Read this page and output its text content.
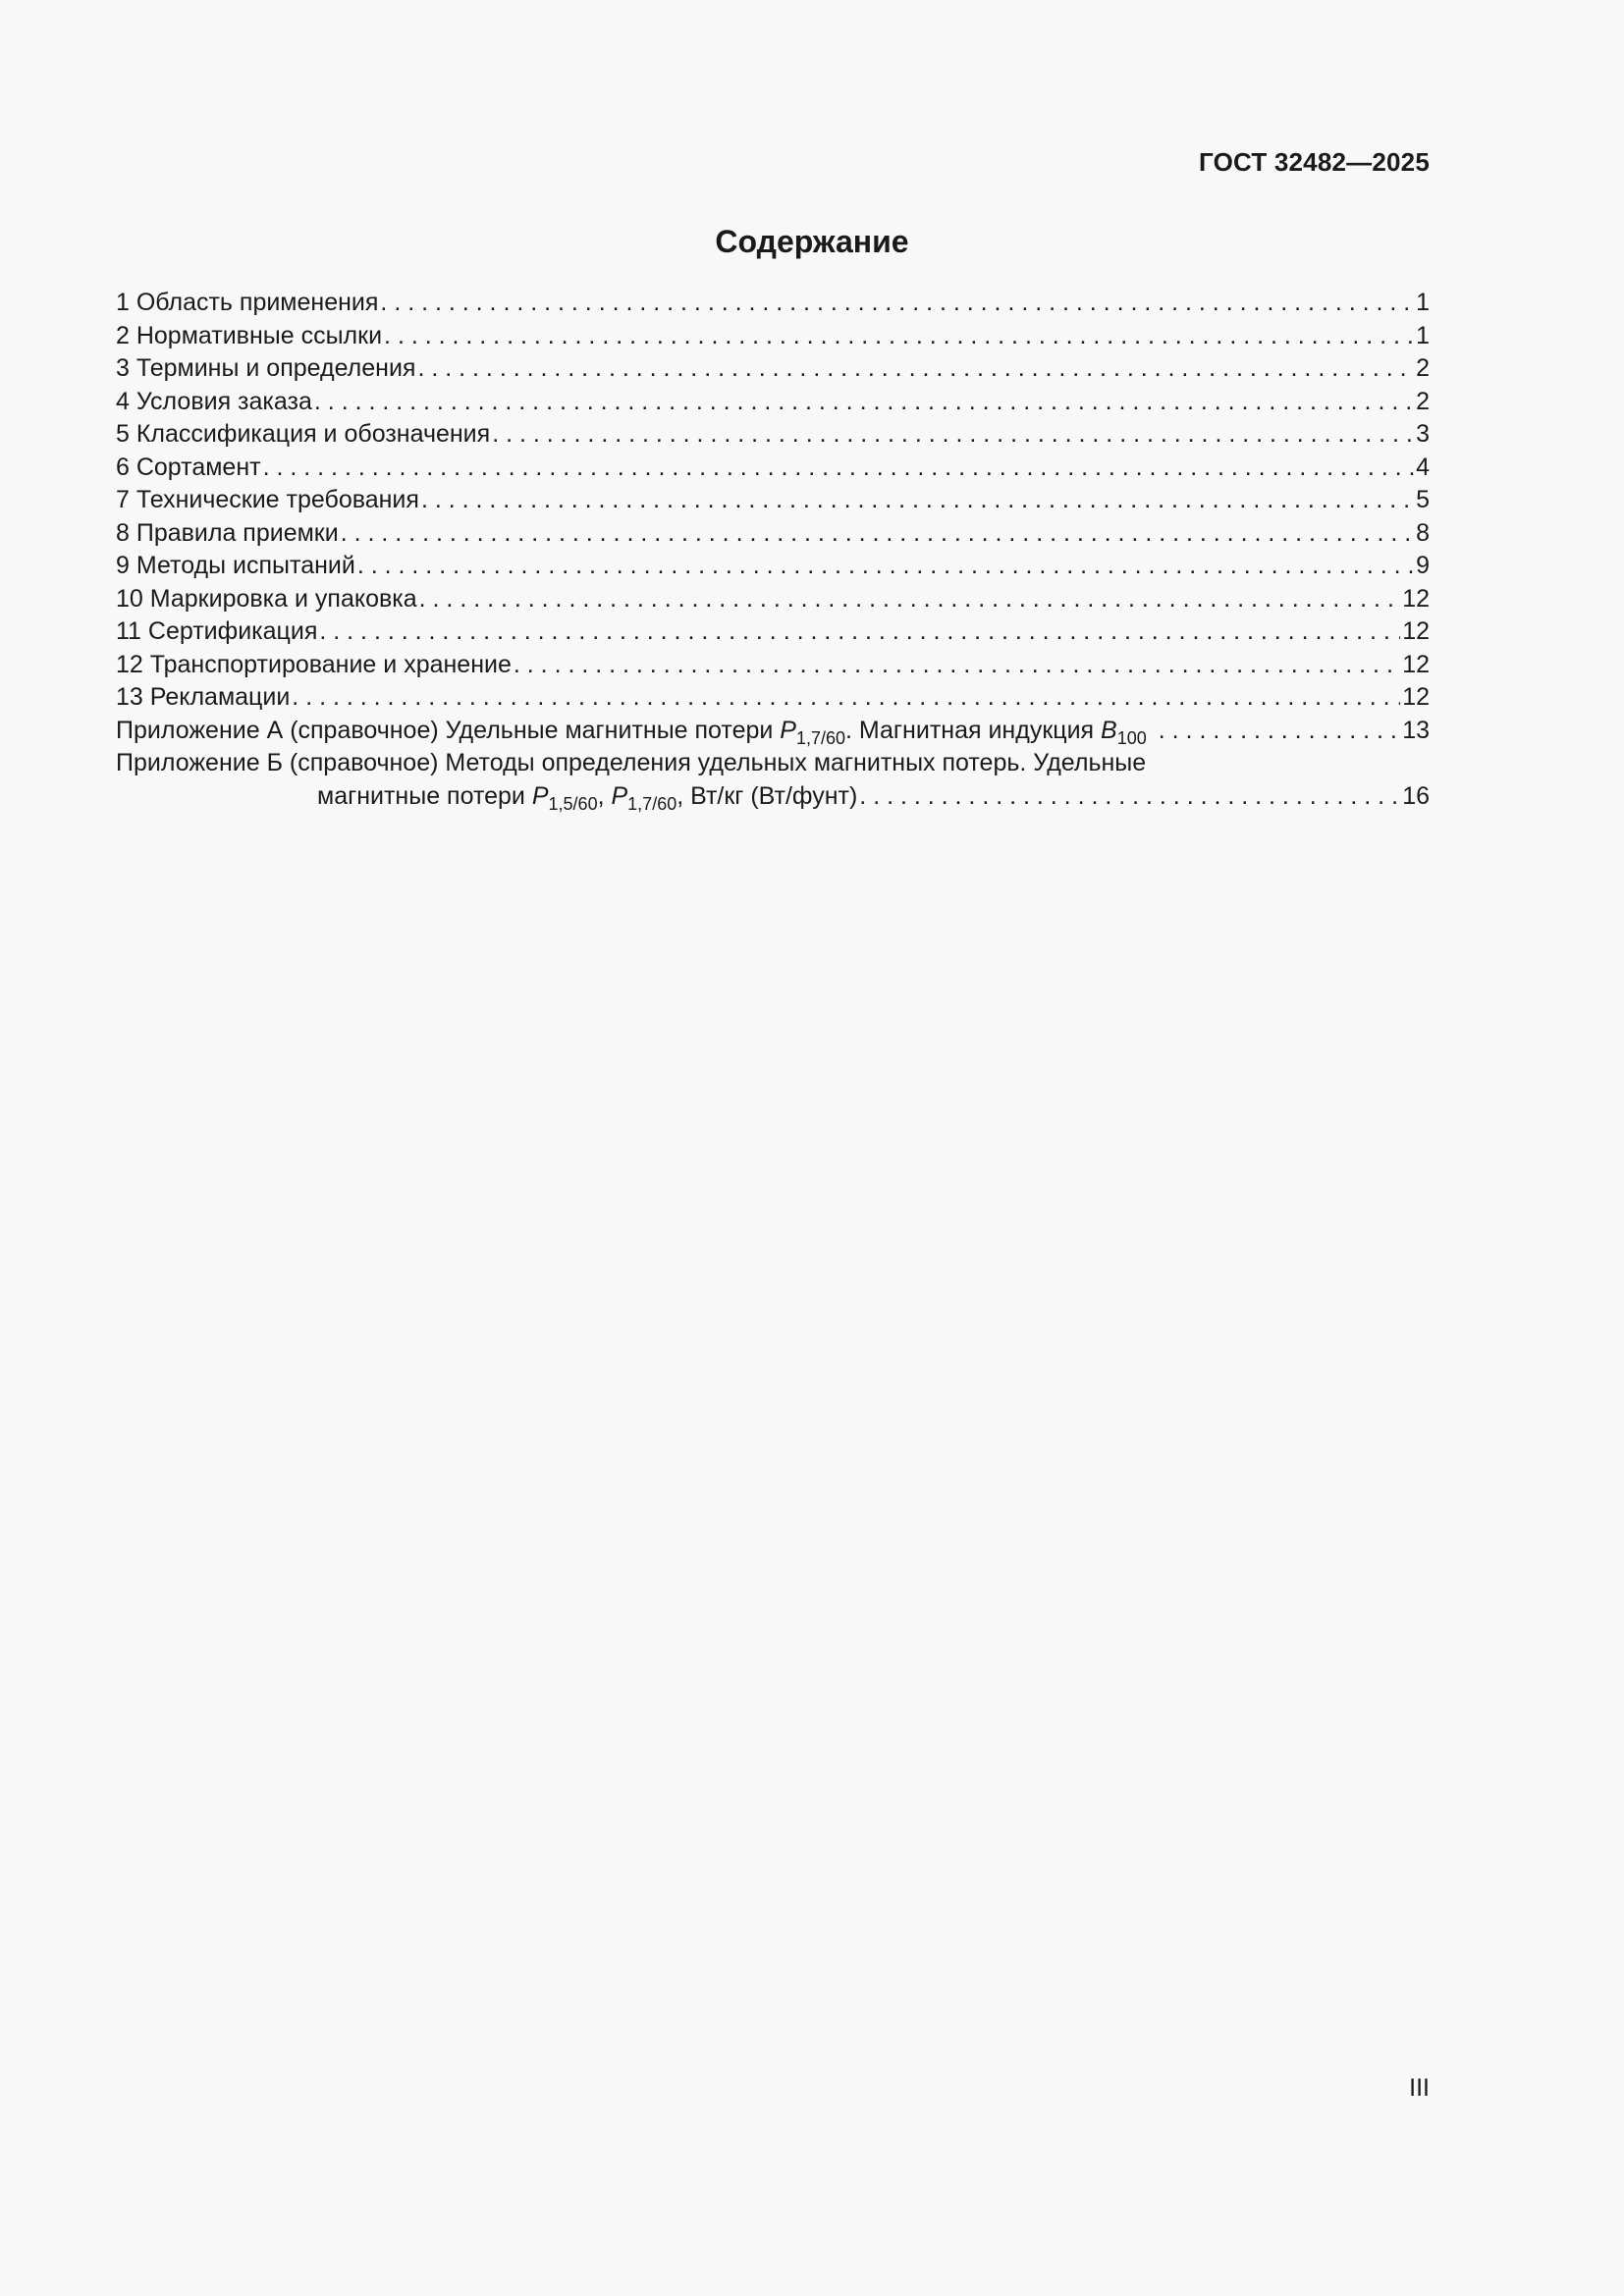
ГОСТ 32482—2025
Содержание
1 Область применения . . .	1
2 Нормативные ссылки . . .	1
3 Термины и определения . . .	2
4 Условия заказа . . .	2
5 Классификация и обозначения . . .	3
6 Сортамент . . .	4
7 Технические требования . . .	5
8 Правила приемки . . .	8
9 Методы испытаний . . .	9
10 Маркировка и упаковка . . .	12
11 Сертификация . . .	12
12 Транспортирование и хранение . . .	12
13 Рекламации . . .	12
Приложение А (справочное) Удельные магнитные потери $P_{1,7/60}$. Магнитная индукция $B_{100}$ . . .	13
Приложение Б (справочное) Методы определения удельных магнитных потерь. Удельные
магнитные потери $P_{1,5/60}$, $P_{1,7/60}$, Вт/кг (Вт/фунт) . . .	16
III
